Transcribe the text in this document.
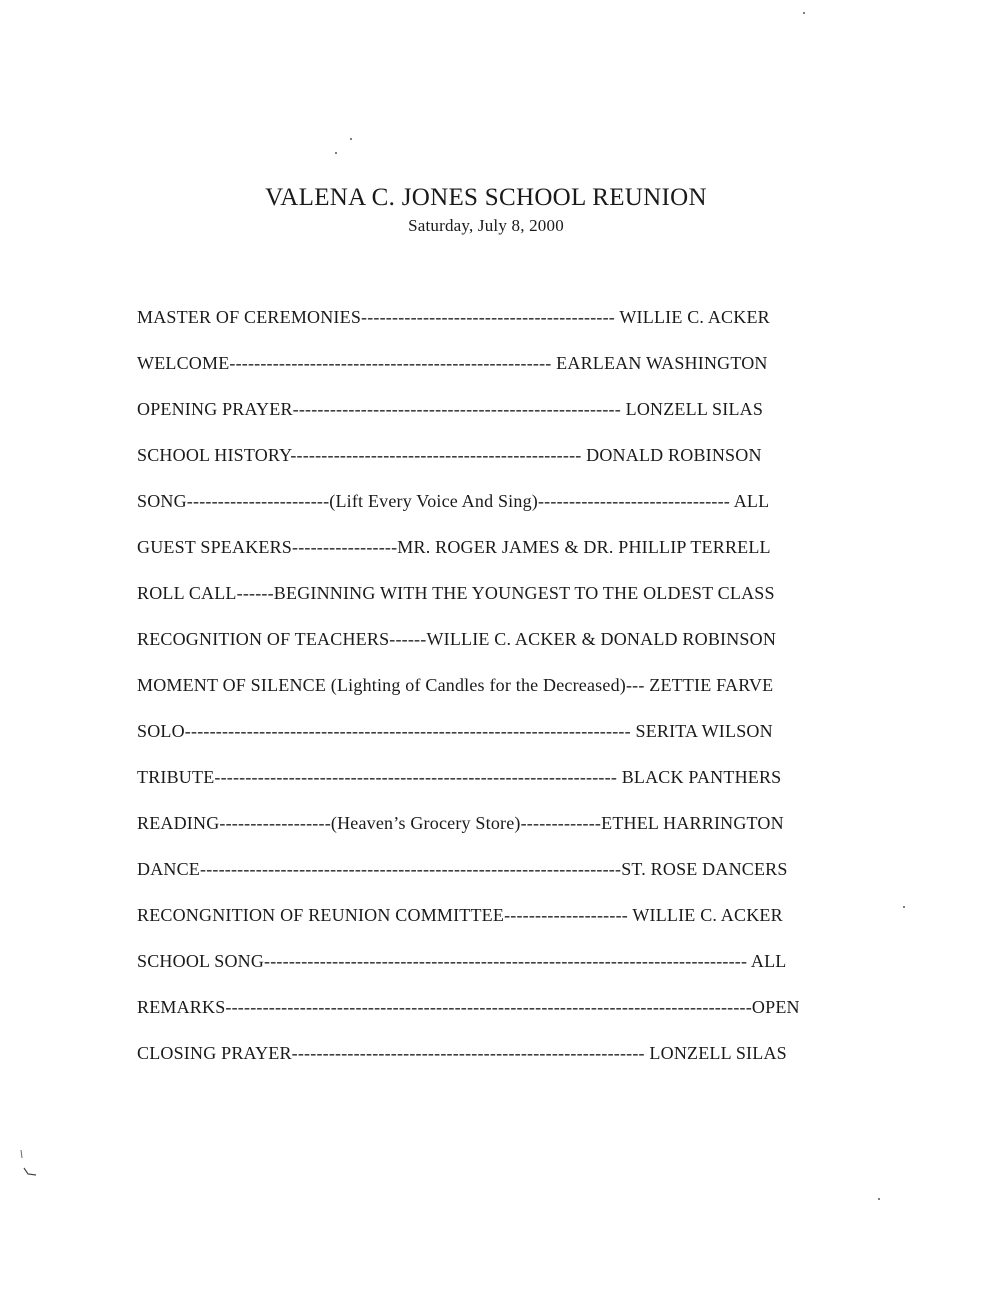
VALENA C. JONES SCHOOL REUNION
Saturday, July 8, 2000
MASTER OF CEREMONIES----------------------------------------- WILLIE C. ACKER
WELCOME---------------------------------------------------- EARLEAN WASHINGTON
OPENING PRAYER----------------------------------------------------- LONZELL SILAS
SCHOOL HISTORY----------------------------------------------- DONALD ROBINSON
SONG-----------------------(Lift Every Voice And Sing)------------------------------- ALL
GUEST SPEAKERS-----------------MR. ROGER JAMES & DR. PHILLIP TERRELL
ROLL CALL------BEGINNING WITH THE YOUNGEST TO THE OLDEST CLASS
RECOGNITION OF TEACHERS------WILLIE C. ACKER & DONALD ROBINSON
MOMENT OF SILENCE (Lighting of Candles for the Decreased)--- ZETTIE FARVE
SOLO------------------------------------------------------------------------ SERITA WILSON
TRIBUTE----------------------------------------------------------------- BLACK PANTHERS
READING------------------(Heaven’s Grocery Store)-------------ETHEL HARRINGTON
DANCE--------------------------------------------------------------------ST. ROSE DANCERS
RECONGNITION OF REUNION COMMITTEE-------------------- WILLIE C. ACKER
SCHOOL SONG------------------------------------------------------------------------------ ALL
REMARKS-------------------------------------------------------------------------------------OPEN
CLOSING PRAYER--------------------------------------------------------- LONZELL SILAS
